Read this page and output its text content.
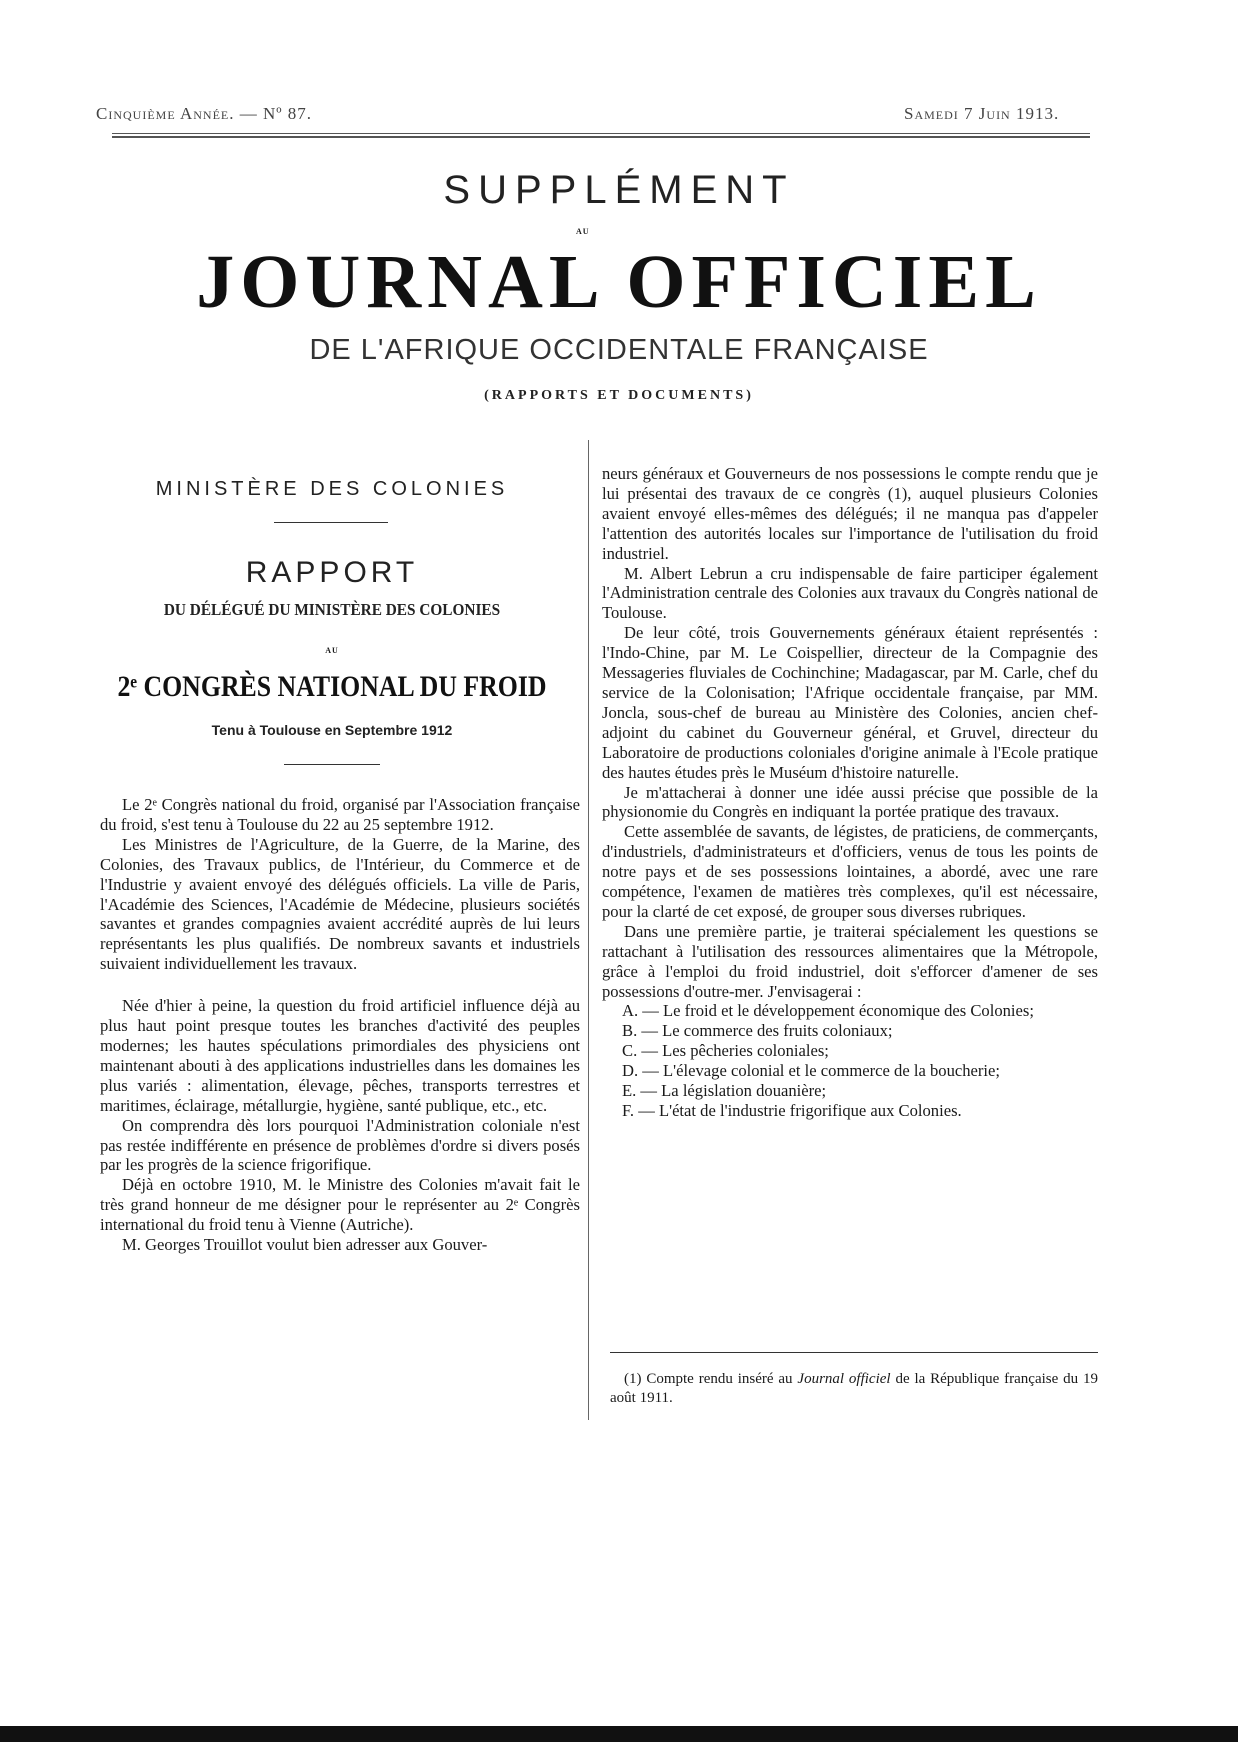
Cinquième Année. — Nº 87.	Samedi 7 Juin 1913.
SUPPLÉMENT
AU
JOURNAL OFFICIEL
DE L'AFRIQUE OCCIDENTALE FRANÇAISE
(RAPPORTS ET DOCUMENTS)
MINISTÈRE DES COLONIES
RAPPORT
DU DÉLÉGUÉ DU MINISTÈRE DES COLONIES
AU
2ᵉ CONGRÈS NATIONAL DU FROID
Tenu à Toulouse en Septembre 1912

Le 2ᵉ Congrès national du froid, organisé par l'Association française du froid, s'est tenu à Toulouse du 22 au 25 septembre 1912.

Les Ministres de l'Agriculture, de la Guerre, de la Marine, des Colonies, des Travaux publics, de l'Intérieur, du Commerce et de l'Industrie y avaient envoyé des délégués officiels. La ville de Paris, l'Académie des Sciences, l'Académie de Médecine, plusieurs sociétés savantes et grandes compagnies avaient accrédité auprès de lui leurs représentants les plus qualifiés. De nombreux savants et industriels suivaient individuellement les travaux.

Née d'hier à peine, la question du froid artificiel influence déjà au plus haut point presque toutes les branches d'activité des peuples modernes; les hautes spéculations primordiales des physiciens ont maintenant abouti à des applications industrielles dans les domaines les plus variés : alimentation, élevage, pêches, transports terrestres et maritimes, éclairage, métallurgie, hygiène, santé publique, etc., etc.

On comprendra dès lors pourquoi l'Administration coloniale n'est pas restée indifférente en présence de problèmes d'ordre si divers posés par les progrès de la science frigorifique.

Déjà en octobre 1910, M. le Ministre des Colonies m'avait fait le très grand honneur de me désigner pour le représenter au 2ᵉ Congrès international du froid tenu à Vienne (Autriche).

M. Georges Trouillot voulut bien adresser aux Gouver-

neurs généraux et Gouverneurs de nos possessions le compte rendu que je lui présentai des travaux de ce congrès (1), auquel plusieurs Colonies avaient envoyé elles-mêmes des délégués; il ne manqua pas d'appeler l'attention des autorités locales sur l'importance de l'utilisation du froid industriel.

M. Albert Lebrun a cru indispensable de faire participer également l'Administration centrale des Colonies aux travaux du Congrès national de Toulouse.

De leur côté, trois Gouvernements généraux étaient représentés : l'Indo-Chine, par M. Le Coispellier, directeur de la Compagnie des Messageries fluviales de Cochinchine; Madagascar, par M. Carle, chef du service de la Colonisation; l'Afrique occidentale française, par MM. Joncla, sous-chef de bureau au Ministère des Colonies, ancien chef-adjoint du cabinet du Gouverneur général, et Gruvel, directeur du Laboratoire de productions coloniales d'origine animale à l'Ecole pratique des hautes études près le Muséum d'histoire naturelle.

Je m'attacherai à donner une idée aussi précise que possible de la physionomie du Congrès en indiquant la portée pratique des travaux.

Cette assemblée de savants, de légistes, de praticiens, de commerçants, d'industriels, d'administrateurs et d'officiers, venus de tous les points de notre pays et de ses possessions lointaines, a abordé, avec une rare compétence, l'examen de matières très complexes, qu'il est nécessaire, pour la clarté de cet exposé, de grouper sous diverses rubriques.

Dans une première partie, je traiterai spécialement les questions se rattachant à l'utilisation des ressources alimentaires que la Métropole, grâce à l'emploi du froid industriel, doit s'efforcer d'amener de ses possessions d'outre-mer. J'envisagerai :

A. — Le froid et le développement économique des Colonies;

B. — Le commerce des fruits coloniaux;

C. — Les pêcheries coloniales;

D. — L'élevage colonial et le commerce de la boucherie;

E. — La législation douanière;

F. — L'état de l'industrie frigorifique aux Colonies.

(1) Compte rendu inséré au Journal officiel de la République française du 19 août 1911.
